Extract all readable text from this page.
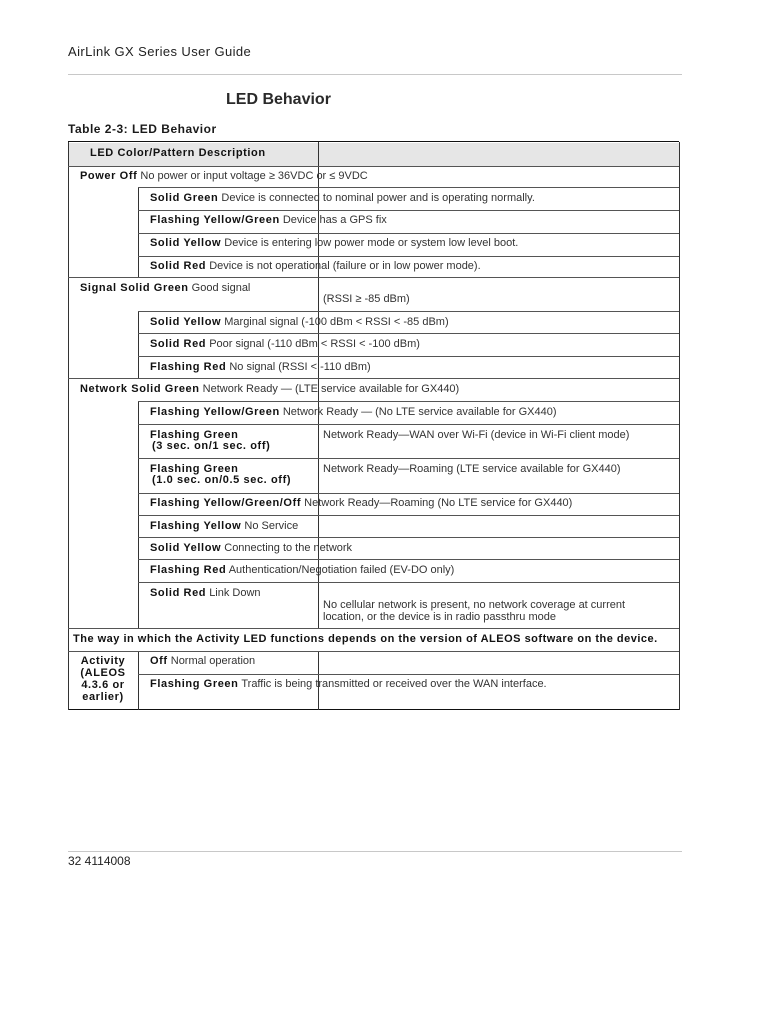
AirLink GX Series User Guide
LED Behavior
Table 2-3: LED Behavior
LED Color/Pattern Description
Power Off No power or input voltage ≥ 36VDC or ≤ 9VDC
Solid Green Device is connected to nominal power and is operating normally.
Flashing Yellow/Green Device has a GPS fix
Solid Yellow Device is entering low power mode or system low level boot.
Solid Red Device is not operational (failure or in low power mode).
Signal Solid Green Good signal
(RSSI ≥ -85 dBm)
Solid Yellow Marginal signal (-100 dBm < RSSI < -85 dBm)
Solid Red Poor signal (-110 dBm < RSSI < -100 dBm)
Flashing Red No signal (RSSI < -110 dBm)
Network Solid Green Network Ready — (LTE service available for GX440)
Flashing Yellow/Green Network Ready — (No LTE service available for GX440)
Flashing Green
(3 sec. on/1 sec. off)
Network Ready—WAN over Wi-Fi (device in Wi-Fi client mode)
Flashing Green
(1.0 sec. on/0.5 sec. off)
Network Ready—Roaming (LTE service available for GX440)
Flashing Yellow/Green/Off Network Ready—Roaming (No LTE service for GX440)
Flashing Yellow No Service
Solid Yellow Connecting to the network
Flashing Red Authentication/Negotiation failed (EV-DO only)
Solid Red Link Down
No cellular network is present, no network coverage at current
location, or the device is in radio passthru mode
The way in which the Activity LED functions depends on the version of ALEOS software on the device.
Activity
(ALEOS
4.3.6 or
earlier)
Off Normal operation
Flashing Green Traffic is being transmitted or received over the WAN interface.
32 4114008
